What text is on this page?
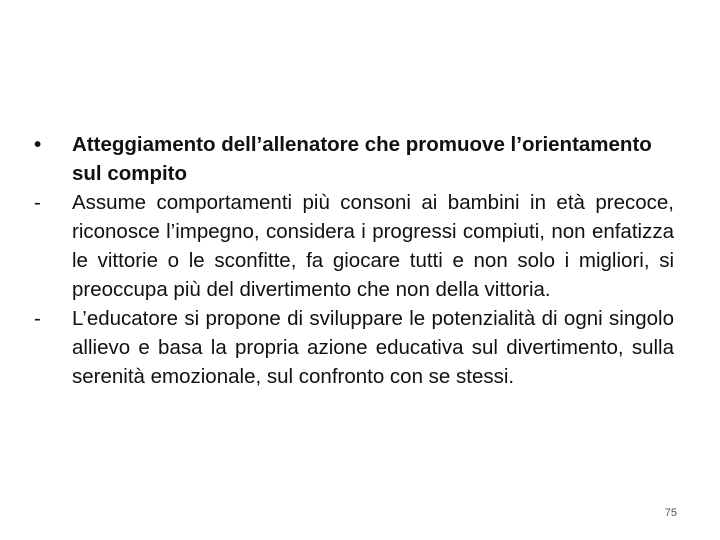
•	Atteggiamento dell’allenatore che promuove l’orientamento sul compito
-	Assume comportamenti più consoni ai bambini in età precoce, riconosce l’impegno, considera i progressi compiuti, non enfatizza le vittorie o le sconfitte, fa giocare tutti e non solo i migliori, si preoccupa più del divertimento che non della vittoria.
-	L’educatore si propone di sviluppare le potenzialità di ogni singolo allievo e basa la propria azione educativa sul divertimento, sulla serenità emozionale, sul confronto con se stessi.
75
